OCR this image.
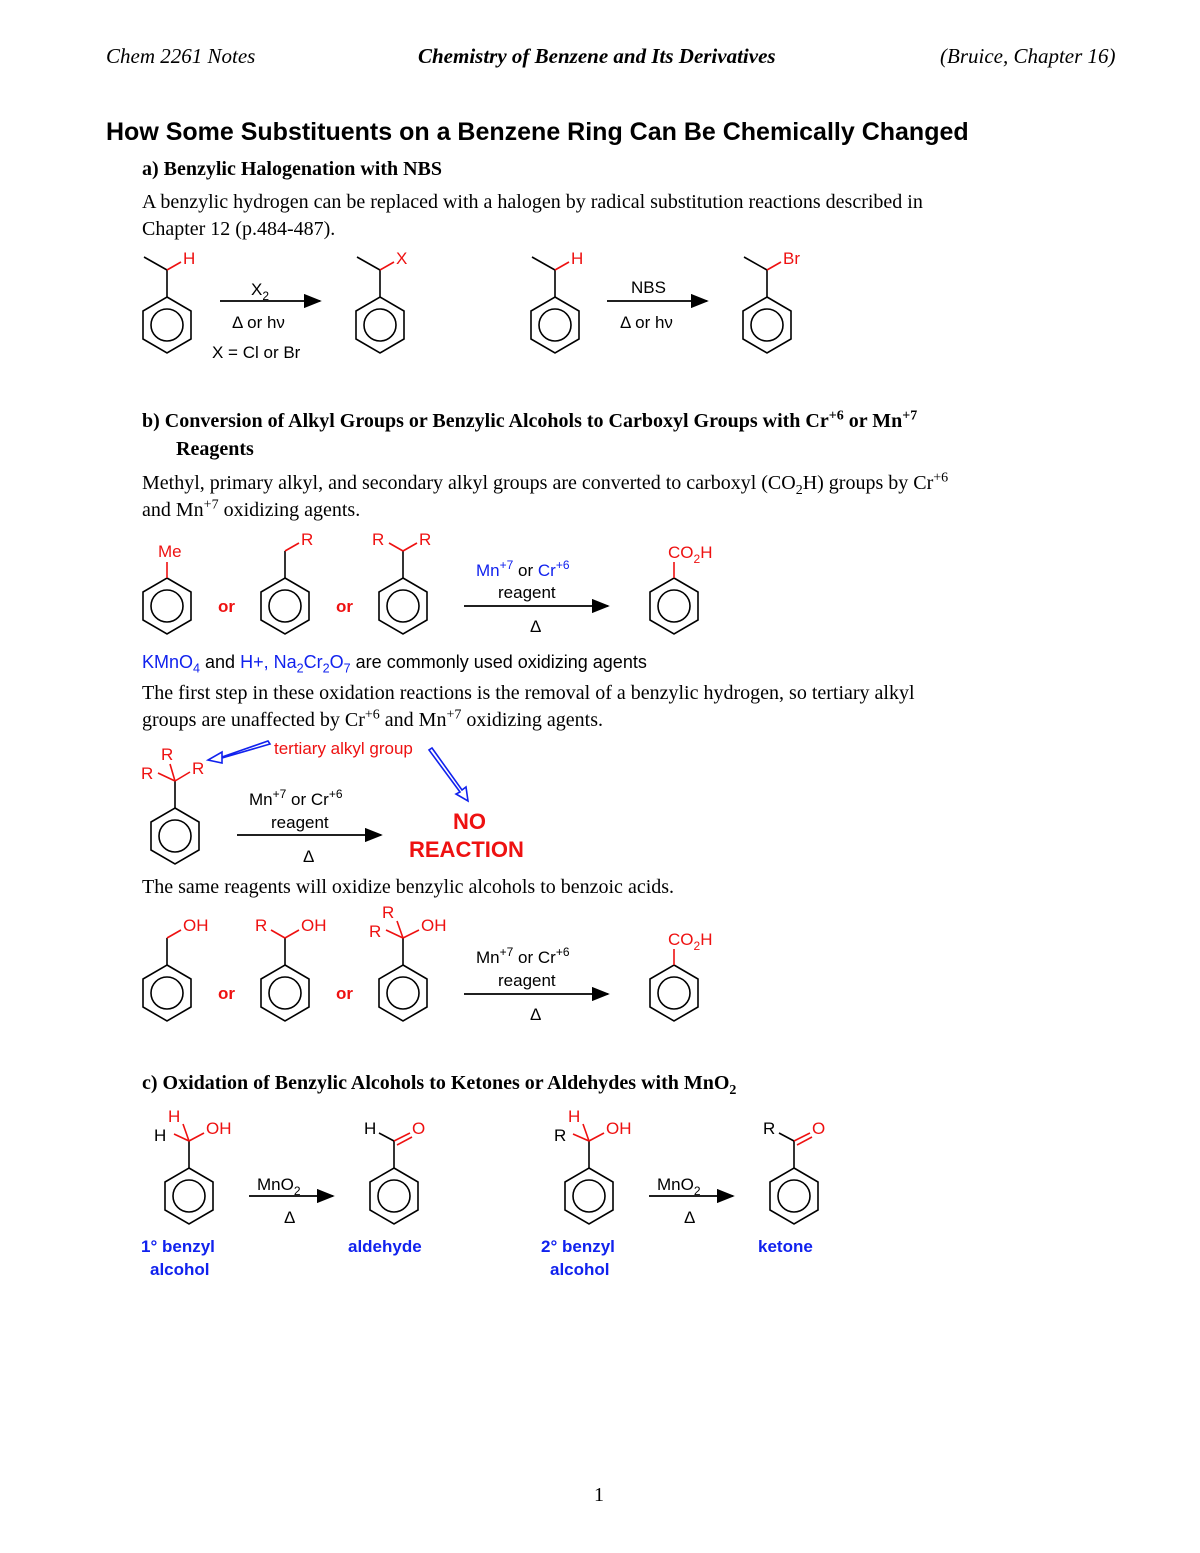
Chem 2261 Notes	Chemistry of Benzene and Its Derivatives	(Bruice, Chapter 16)
How Some Substituents on a Benzene Ring Can Be Chemically Changed
a) Benzylic Halogenation with NBS
A benzylic hydrogen can be replaced with a halogen by radical substitution reactions described in
Chapter 12 (p.484-487).
b) Conversion of Alkyl Groups or Benzylic Alcohols to Carboxyl Groups with $Cr^{+6}$ or $Mn^{+7}$
Reagents
Methyl, primary alkyl, and secondary alkyl groups are converted to carboxyl $(CO_2H)$ groups by $Cr^{+6}$
and $Mn^{+7}$ oxidizing agents.
KMnO$_4$ and H+, $Na_2Cr_2O_7$ are commonly used oxidizing agents
The first step in these oxidation reactions is the removal of a benzylic hydrogen, so tertiary alkyl
groups are unaffected by $Cr^{+6}$ and $Mn^{+7}$ oxidizing agents.
The same reagents will oxidize benzylic alcohols to benzoic acids.
c) Oxidation of Benzylic Alcohols to Ketones or Aldehydes with MnO$_2$
1
H
$X_2$
Δ or hν
X = Cl or Br
X	H
NBS
Δ or hν
Br
Me
or
R
or
R R
$Mn^{+7}$ or $Cr^{+6}$
reagent
Δ
$CO_2H$
R
R R
tertiary alkyl group
$Mn^{+7}$ or $Cr^{+6}$
reagent
Δ
NO
REACTION
OH
or
R OH
or
R
R OH
$Mn^{+7}$ or $Cr^{+6}$
reagent
Δ
$CO_2H$
H
H OH
1° benzyl
alcohol
MnO$_2$
Δ
H O
aldehyde
H
R OH
2° benzyl
alcohol
MnO$_2$
Δ
R O
ketone
